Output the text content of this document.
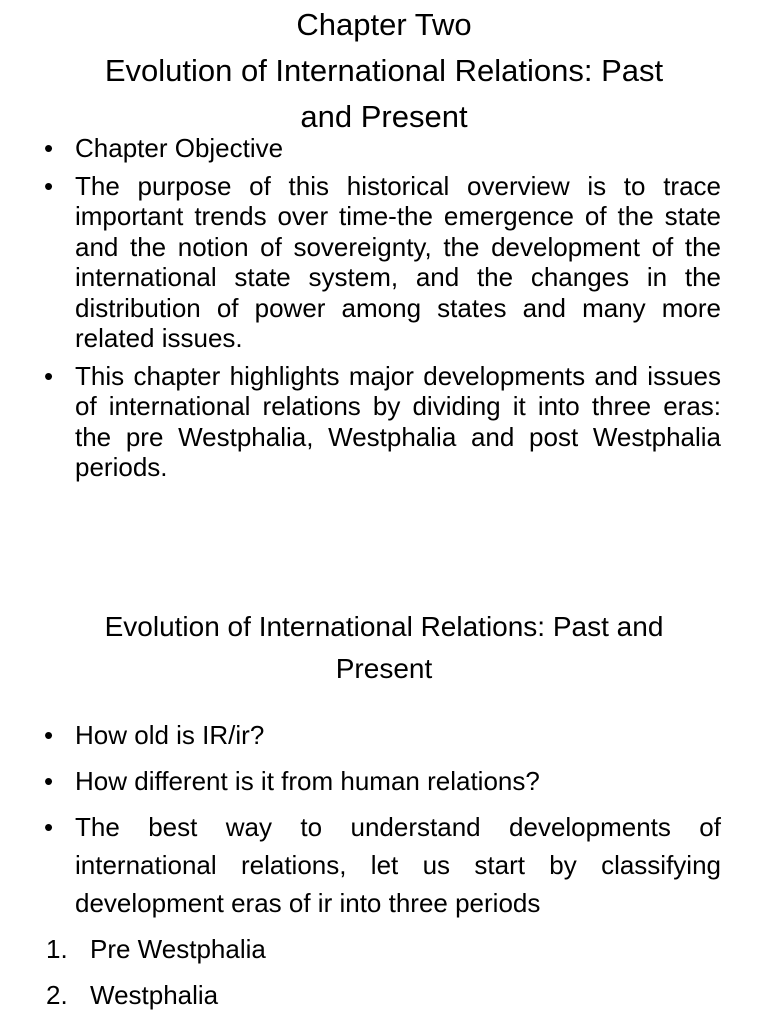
Chapter Two
Evolution of International Relations: Past
and Present
• Chapter Objective
• The purpose of this historical overview is to trace important trends over time-the emergence of the state and the notion of sovereignty, the development of the international state system, and the changes in the distribution of power among states and many more related issues.
• This chapter highlights major developments and issues of international relations by dividing it into three eras: the pre Westphalia, Westphalia and post Westphalia periods.
Evolution of International Relations: Past and
Present
• How old is IR/ir?
• How different is it from human relations?
• The best way to understand developments of international relations, let us start by classifying development eras of ir into three periods
1. Pre Westphalia
2. Westphalia
